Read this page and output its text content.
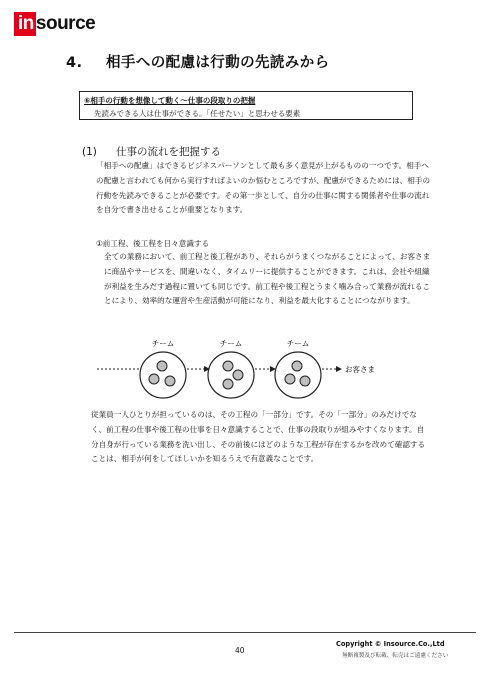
in source
4. 相手への配慮は行動の先読みから
⑥相手の行動を想像して動く～仕事の段取りの把握
先読みできる人は仕事ができる。「任せたい」と思わせる要素
(1) 仕事の流れを把握する
「相手への配慮」はできるビジネスパーソンとして最も多く意見が上がるものの一つです。相手への配慮と言われても何から実行すればよいのか悩むところですが、配慮ができるためには、相手の行動を先読みできることが必要です。その第一歩として、自分の仕事に関する関係者や仕事の流れを自分で書き出せることが重要となります。
①前工程、後工程を日々意識する
全ての業務において、前工程と後工程があり、それらがうまくつながることによって、お客さまに商品やサービスを、間違いなく、タイムリーに提供することができます。これは、会社や組織が利益を生みだす過程に置いても同じです。前工程や後工程とうまく噛み合って業務が流れることにより、効率的な運営や生産活動が可能になり、利益を最大化することにつながります。
チーム	チーム	チーム
お客さま
従業員一人ひとりが担っているのは、その工程の「一部分」です。その「一部分」のみだけでなく、前工程の仕事や後工程の仕事を日々意識することで、仕事の段取りが組みやすくなります。自分自身が行っている業務を洗い出し、その前後にはどのような工程が存在するかを改めて確認することは、相手が何をしてほしいかを知るうえで有意義なことです。
40
Copyright © Insource.Co.,Ltd
無断複製及び転載、転売はご遠慮ください
